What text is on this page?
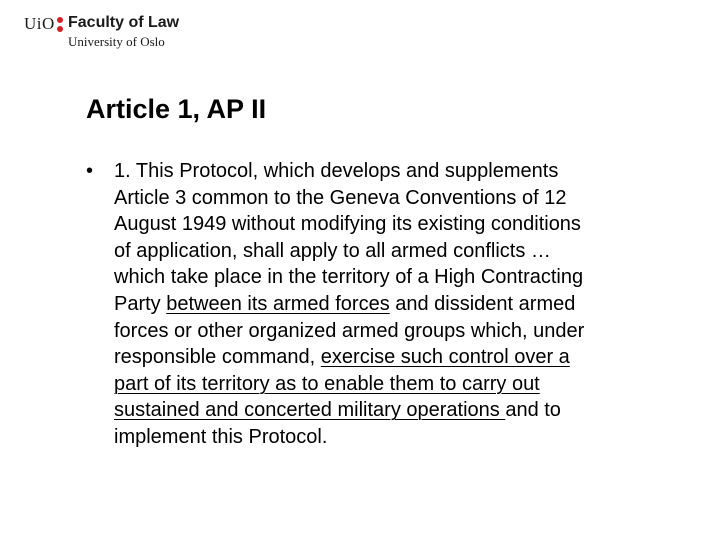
UiO Faculty of Law
University of Oslo
Article 1, AP II
• 1. This Protocol, which develops and supplements
Article 3 common to the Geneva Conventions of 12
August 1949 without modifying its existing conditions
of application, shall apply to all armed conflicts …
which take place in the territory of a High Contracting
Party between its armed forces and dissident armed
forces or other organized armed groups which, under
responsible command, exercise such control over a
part of its territory as to enable them to carry out
sustained and concerted military operations and to
implement this Protocol.
